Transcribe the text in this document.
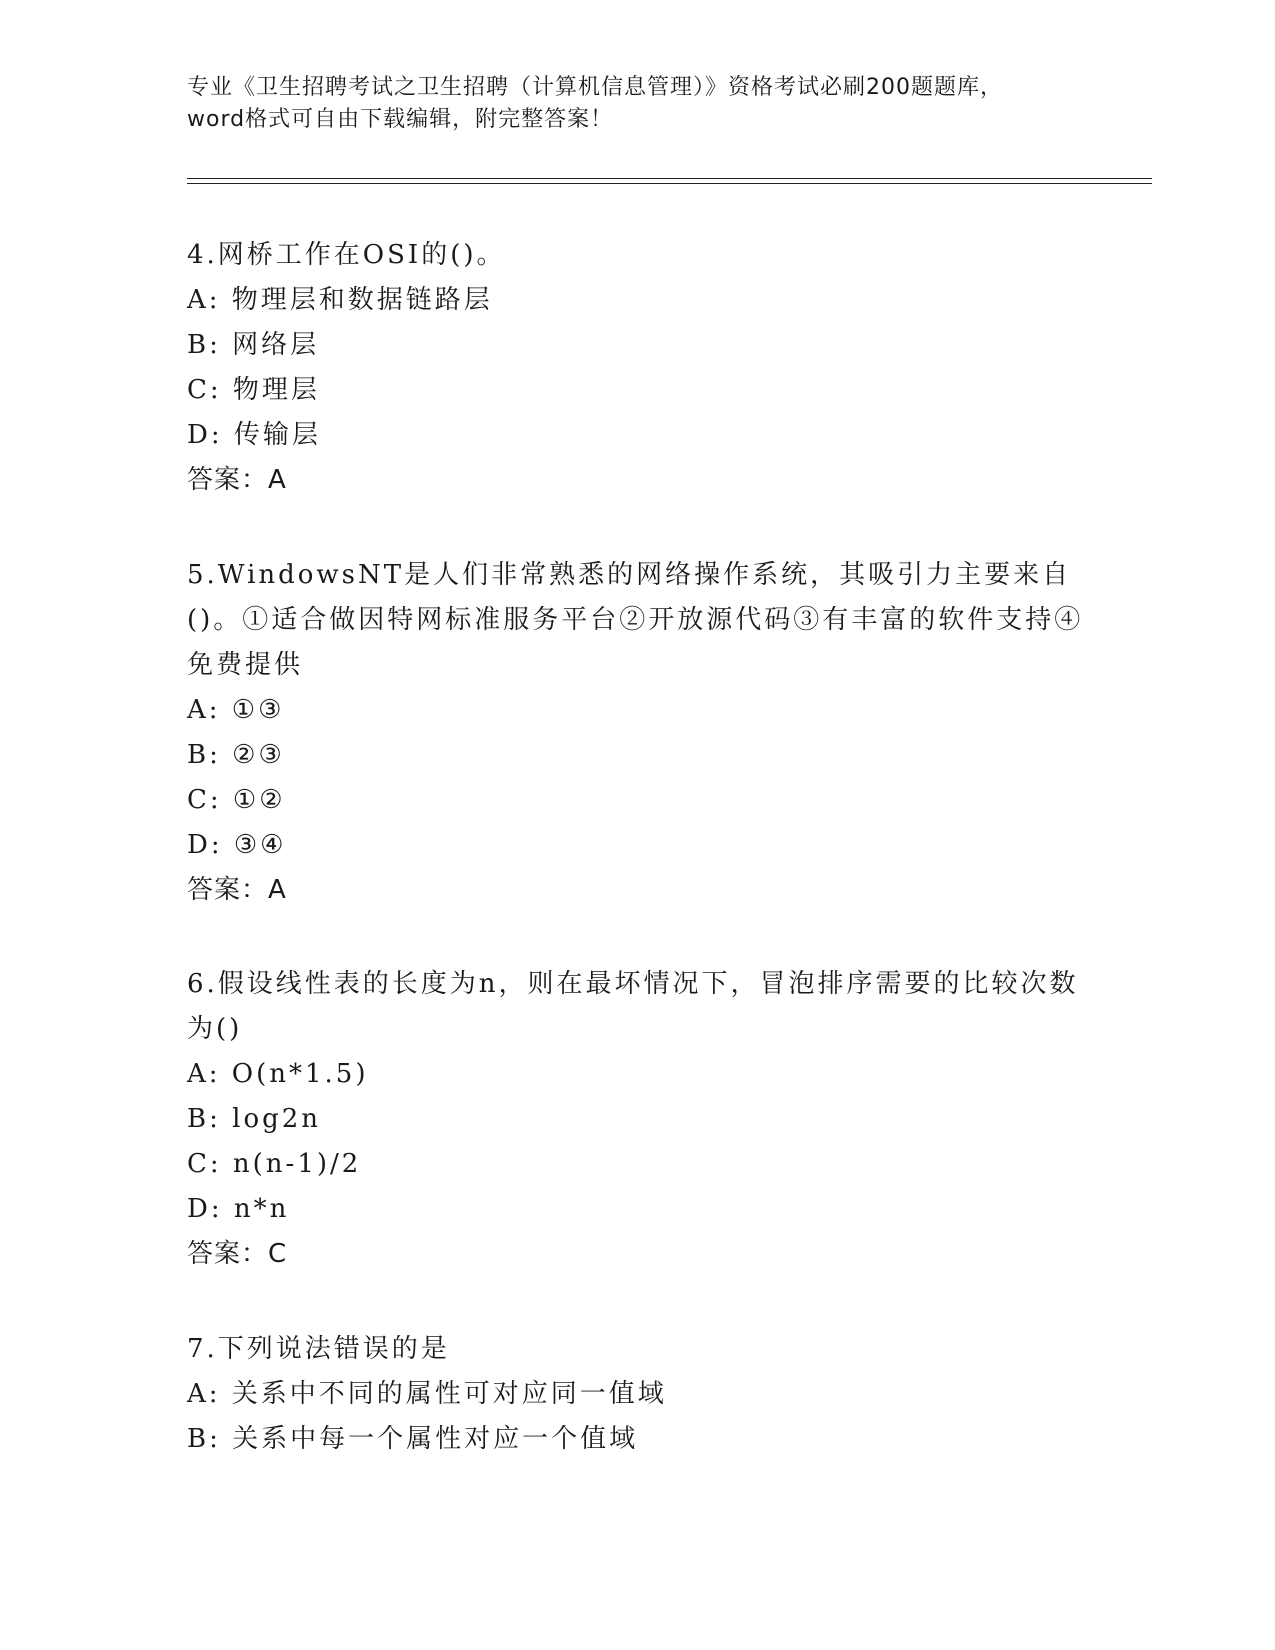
专业《卫生招聘考试之卫生招聘（计算机信息管理）》资格考试必刷200题题库，
word格式可自由下载编辑，附完整答案！
4.网桥工作在OSI的()。
A: 物理层和数据链路层
B: 网络层
C: 物理层
D: 传输层
答案：A
5.WindowsNT是人们非常熟悉的网络操作系统，其吸引力主要来自()。①适合做因特网标准服务平台②开放源代码③有丰富的软件支持④免费提供
A: ①③
B: ②③
C: ①②
D: ③④
答案：A
6.假设线性表的长度为n，则在最坏情况下，冒泡排序需要的比较次数为()
A: O(n*1.5)
B: log2n
C: n(n-1)/2
D: n*n
答案：C
7.下列说法错误的是
A: 关系中不同的属性可对应同一值域
B: 关系中每一个属性对应一个值域
